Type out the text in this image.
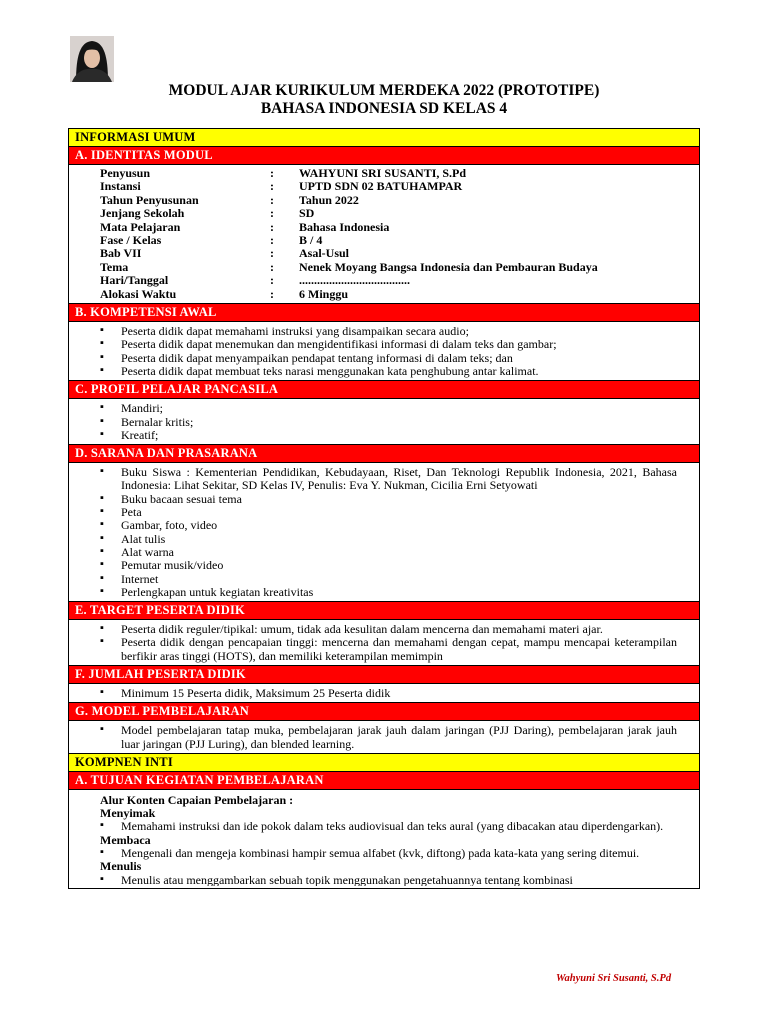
MODUL AJAR KURIKULUM MERDEKA 2022 (PROTOTIPE)
BAHASA INDONESIA SD KELAS 4
INFORMASI UMUM
A. IDENTITAS MODUL
Penyusun	:	WAHYUNI SRI SUSANTI, S.Pd
Instansi	:	UPTD SDN 02 BATUHAMPAR
Tahun Penyusunan	:	Tahun 2022
Jenjang Sekolah	:	SD
Mata Pelajaran	:	Bahasa Indonesia
Fase / Kelas	:	B / 4
Bab VII	:	Asal-Usul
Tema	:	Nenek Moyang Bangsa Indonesia dan Pembauran Budaya
Hari/Tanggal	:	.....................................
Alokasi Waktu	:	6 Minggu
B. KOMPETENSI AWAL
▪ Peserta didik dapat memahami instruksi yang disampaikan secara audio;
▪ Peserta didik dapat menemukan dan mengidentifikasi informasi di dalam teks dan gambar;
▪ Peserta didik dapat menyampaikan pendapat tentang informasi di dalam teks; dan
▪ Peserta didik dapat membuat teks narasi menggunakan kata penghubung antar kalimat.
C. PROFIL PELAJAR PANCASILA
▪ Mandiri;
▪ Bernalar kritis;
▪ Kreatif;
D. SARANA DAN PRASARANA
▪ Buku Siswa : Kementerian Pendidikan, Kebudayaan, Riset, Dan Teknologi Republik Indonesia, 2021, Bahasa Indonesia: Lihat Sekitar, SD Kelas IV, Penulis: Eva Y. Nukman, Cicilia Erni Setyowati
▪ Buku bacaan sesuai tema
▪ Peta
▪ Gambar, foto, video
▪ Alat tulis
▪ Alat warna
▪ Pemutar musik/video
▪ Internet
▪ Perlengkapan untuk kegiatan kreativitas
E. TARGET PESERTA DIDIK
▪ Peserta didik reguler/tipikal: umum, tidak ada kesulitan dalam mencerna dan memahami materi ajar.
▪ Peserta didik dengan pencapaian tinggi: mencerna dan memahami dengan cepat, mampu mencapai keterampilan berfikir aras tinggi (HOTS), dan memiliki keterampilan memimpin
F. JUMLAH PESERTA DIDIK
▪ Minimum 15 Peserta didik, Maksimum 25 Peserta didik
G. MODEL PEMBELAJARAN
▪ Model pembelajaran tatap muka, pembelajaran jarak jauh dalam jaringan (PJJ Daring), pembelajaran jarak jauh luar jaringan (PJJ Luring), dan blended learning.
KOMPNEN INTI
A. TUJUAN KEGIATAN PEMBELAJARAN
Alur Konten Capaian Pembelajaran :
Menyimak
▪ Memahami instruksi dan ide pokok dalam teks audiovisual dan teks aural (yang dibacakan atau diperdengarkan).
Membaca
▪ Mengenali dan mengeja kombinasi hampir semua alfabet (kvk, diftong) pada kata-kata yang sering ditemui.
Menulis
▪ Menulis atau menggambarkan sebuah topik menggunakan pengetahuannya tentang kombinasi
Wahyuni Sri Susanti, S.Pd
